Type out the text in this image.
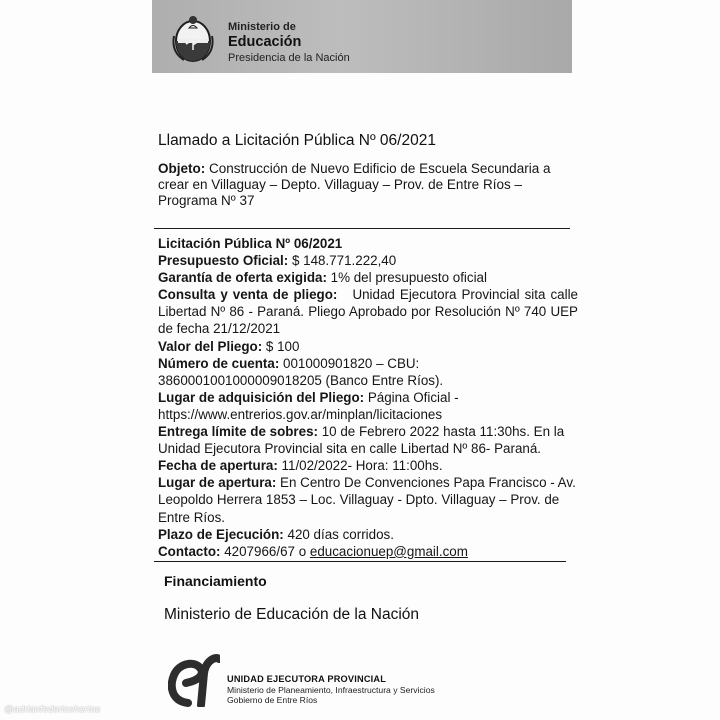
Ministerio de
Educación
Presidencia de la Nación
Llamado a Licitación Pública Nº 06/2021
Objeto: Construcción de Nuevo Edificio de Escuela Secundaria a crear en Villaguay – Depto. Villaguay – Prov. de Entre Ríos – Programa Nº 37

Licitación Pública Nº 06/2021

Presupuesto Oficial: $ 148.771.222,40

Garantía de oferta exigida: 1% del presupuesto oficial

Consulta y venta de pliego: Unidad Ejecutora Provincial sita calle Libertad Nº 86 - Paraná. Pliego Aprobado por Resolución Nº 740 UEP de fecha 21/12/2021

Valor del Pliego: $ 100

Número de cuenta: 001000901820 – CBU: 3860001001000009018205 (Banco Entre Ríos).

Lugar de adquisición del Pliego: Página Oficial - https://www.entrerios.gov.ar/minplan/licitaciones

Entrega límite de sobres: 10 de Febrero 2022 hasta 11:30hs. En la Unidad Ejecutora Provincial sita en calle Libertad Nº 86- Paraná.

Fecha de apertura: 11/02/2022- Hora: 11:00hs.

Lugar de apertura: En Centro De Convenciones Papa Francisco - Av. Leopoldo Herrera 1853 – Loc. Villaguay - Dpto. Villaguay – Prov. de Entre Ríos.

Plazo de Ejecución: 420 días corridos.

Contacto: 4207966/67 o educacionuep@gmail.com

Financiamiento
Ministerio de Educación de la Nación
UNIDAD EJECUTORA PROVINCIAL
Ministerio de Planeamiento, Infraestructura y Servicios
Gobierno de Entre Ríos
@adrianfedericohertos
